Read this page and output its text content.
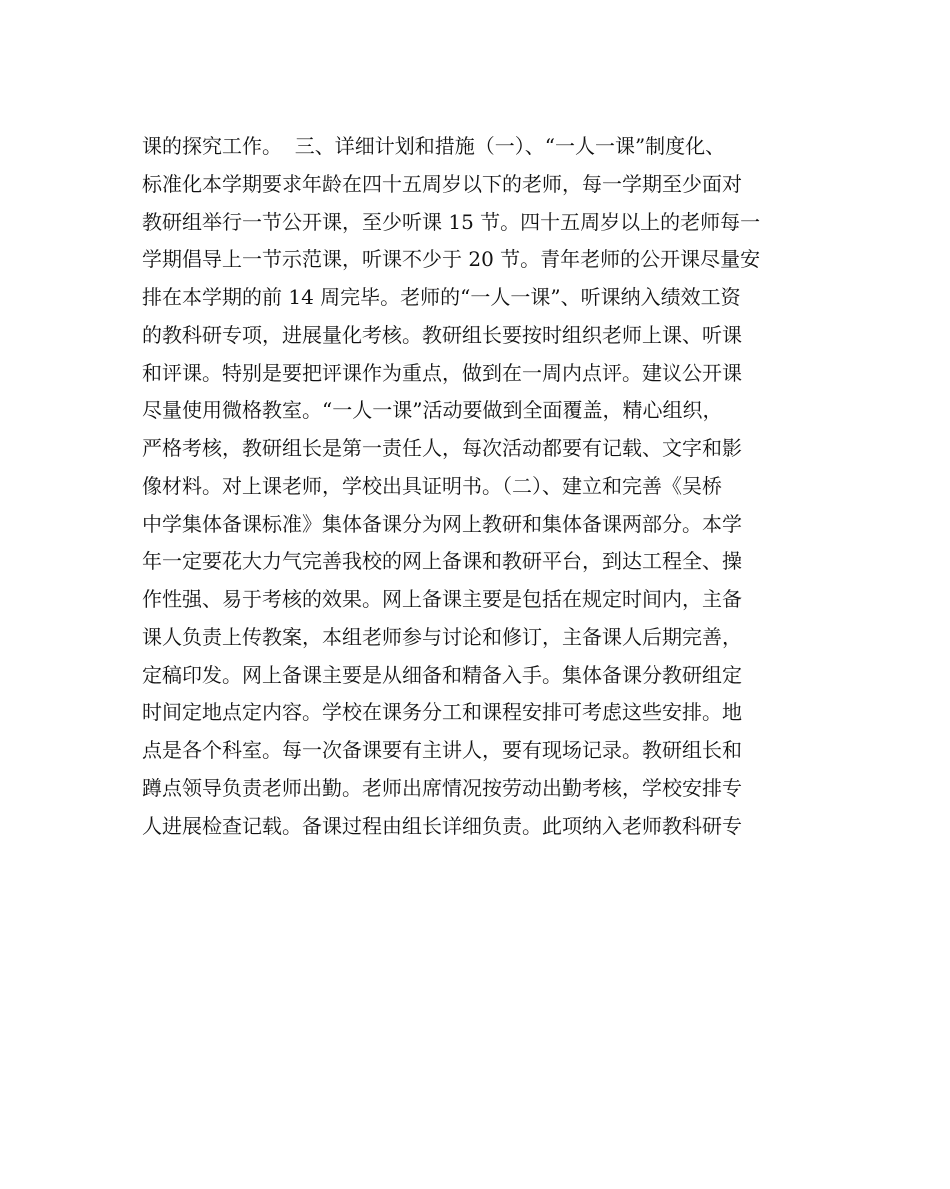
课的探究工作。  三、详细计划和措施（一）、“一人一课”制度化、
标准化本学期要求年龄在四十五周岁以下的老师，每一学期至少面对
教研组举行一节公开课，至少听课 15 节。四十五周岁以上的老师每一
学期倡导上一节示范课，听课不少于 20 节。青年老师的公开课尽量安
排在本学期的前 14 周完毕。老师的“一人一课”、听课纳入绩效工资
的教科研专项，进展量化考核。教研组长要按时组织老师上课、听课
和评课。特别是要把评课作为重点，做到在一周内点评。建议公开课
尽量使用微格教室。“一人一课”活动要做到全面覆盖，精心组织，
严格考核，教研组长是第一责任人，每次活动都要有记载、文字和影
像材料。对上课老师，学校出具证明书。（二）、建立和完善《吴桥
中学集体备课标准》集体备课分为网上教研和集体备课两部分。本学
年一定要花大力气完善我校的网上备课和教研平台，到达工程全、操
作性强、易于考核的效果。网上备课主要是包括在规定时间内，主备
课人负责上传教案，本组老师参与讨论和修订，主备课人后期完善，
定稿印发。网上备课主要是从细备和精备入手。集体备课分教研组定
时间定地点定内容。学校在课务分工和课程安排可考虑这些安排。地
点是各个科室。每一次备课要有主讲人，要有现场记录。教研组长和
蹲点领导负责老师出勤。老师出席情况按劳动出勤考核，学校安排专
人进展检查记载。备课过程由组长详细负责。此项纳入老师教科研专
